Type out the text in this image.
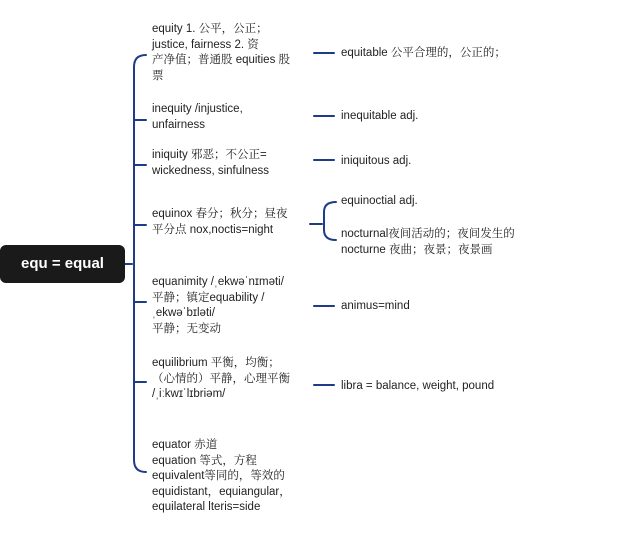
equ = equal
equity 1. 公平，公正；
justice, fairness 2. 资
产净值；普通股 equities 股
票
equitable 公平合理的，公正的；
inequity /injustice,
unfairness
inequitable adj.
iniquity 邪恶；不公正=
wickedness, sinfulness
iniquitous adj.
equinox 春分；秋分；昼夜
平分点 nox,noctis=night
equinoctial adj.
nocturnal夜间活动的；夜间发生的
nocturne 夜曲；夜景；夜景画
equanimity /ˌekwəˈnɪməti/
平静；镇定equability /
ˌekwəˈbɪləti/
平静；无变动
animus=mind
equilibrium 平衡，均衡；
（心情的）平静，心理平衡
/ˌiːkwɪˈlɪbriəm/
libra = balance, weight, pound
equator 赤道
equation 等式，方程
equivalent等同的，等效的
equidistant，equiangular，
equilateral lteris=side
